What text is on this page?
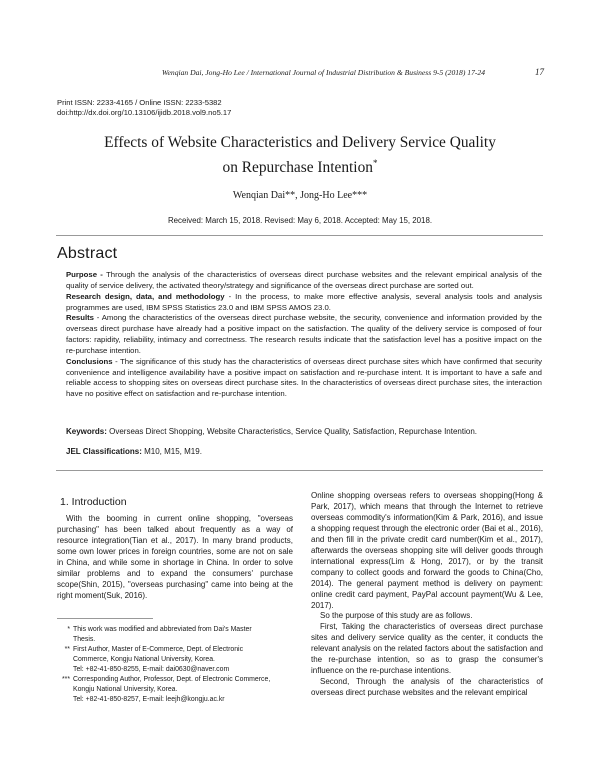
Wenqian Dai, Jong-Ho Lee / International Journal of Industrial Distribution & Business 9-5 (2018) 17-24	17
Print ISSN: 2233-4165 / Online ISSN: 2233-5382
doi:http://dx.doi.org/10.13106/ijidb.2018.vol9.no5.17
Effects of Website Characteristics and Delivery Service Quality
on Repurchase Intention*
Wenqian Dai**, Jong-Ho Lee***
Received: March 15, 2018. Revised: May 6, 2018. Accepted: May 15, 2018.
Abstract

Purpose - Through the analysis of the characteristics of overseas direct purchase websites and the relevant empirical analysis of the quality of service delivery, the activated theory/strategy and significance of the overseas direct purchase are sorted out.

Research design, data, and methodology - In the process, to make more effective analysis, several analysis tools and analysis programmes are used, IBM SPSS Statistics 23.0 and IBM SPSS AMOS 23.0.

Results - Among the characteristics of the overseas direct purchase website, the security, convenience and information provided by the overseas direct purchase have already had a positive impact on the satisfaction. The quality of the delivery service is composed of four factors: rapidity, reliability, intimacy and correctness. The research results indicate that the satisfaction level has a positive impact on the re-purchase intention.

Conclusions - The significance of this study has the characteristics of overseas direct purchase sites which have confirmed that security convenience and intelligence availability have a positive impact on satisfaction and re-purchase intent. It is important to have a safe and reliable access to shopping sites on overseas direct purchase sites. In the characteristics of overseas direct purchase sites, the interaction have no positive effect on satisfaction and re-purchase intention.

Keywords: Overseas Direct Shopping, Website Characteristics, Service Quality, Satisfaction, Repurchase Intention.
JEL Classifications: M10, M15, M19.
1. Introduction

With the booming in current online shopping, "overseas purchasing" has been talked about frequently as a way of resource integration(Tian et al., 2017). In many brand products, some own lower prices in foreign countries, some are not on sale in China, and while some in shortage in China. In order to solve similar problems and to expand the consumers' purchase scope(Shin, 2015), "overseas purchasing" came into being at the right moment(Suk, 2016).

* This work was modified and abbreviated from Dai's Master
Thesis.
** First Author, Master of E-Commerce, Dept. of Electronic
Commerce, Kongju National University, Korea.
Tel: +82-41-850-8255, E-mail: dai0630@naver.com
*** Corresponding Author, Professor, Dept. of Electronic Commerce,
Kongju National University, Korea.
Tel: +82-41-850-8257, E-mail: leejh@kongju.ac.kr

Online shopping overseas refers to overseas shopping(Hong & Park, 2017), which means that through the Internet to retrieve overseas commodity's information(Kim & Park, 2016), and issue a shopping request through the electronic order (Bai et al., 2016), and then fill in the private credit card number(Kim et al., 2017), afterwards the overseas shopping site will deliver goods through international express(Lim & Hong, 2017), or by the transit company to collect goods and forward the goods to China(Cho, 2014). The general payment method is delivery on payment: online credit card payment, PayPal account payment(Wu & Lee, 2017).

So the purpose of this study are as follows.

First, Taking the characteristics of overseas direct purchase sites and delivery service quality as the center, it conducts the relevant analysis on the related factors about the satisfaction and the re-purchase intention, so as to grasp the consumer's influence on the re-purchase intentions.

Second, Through the analysis of the characteristics of overseas direct purchase websites and the relevant empirical
